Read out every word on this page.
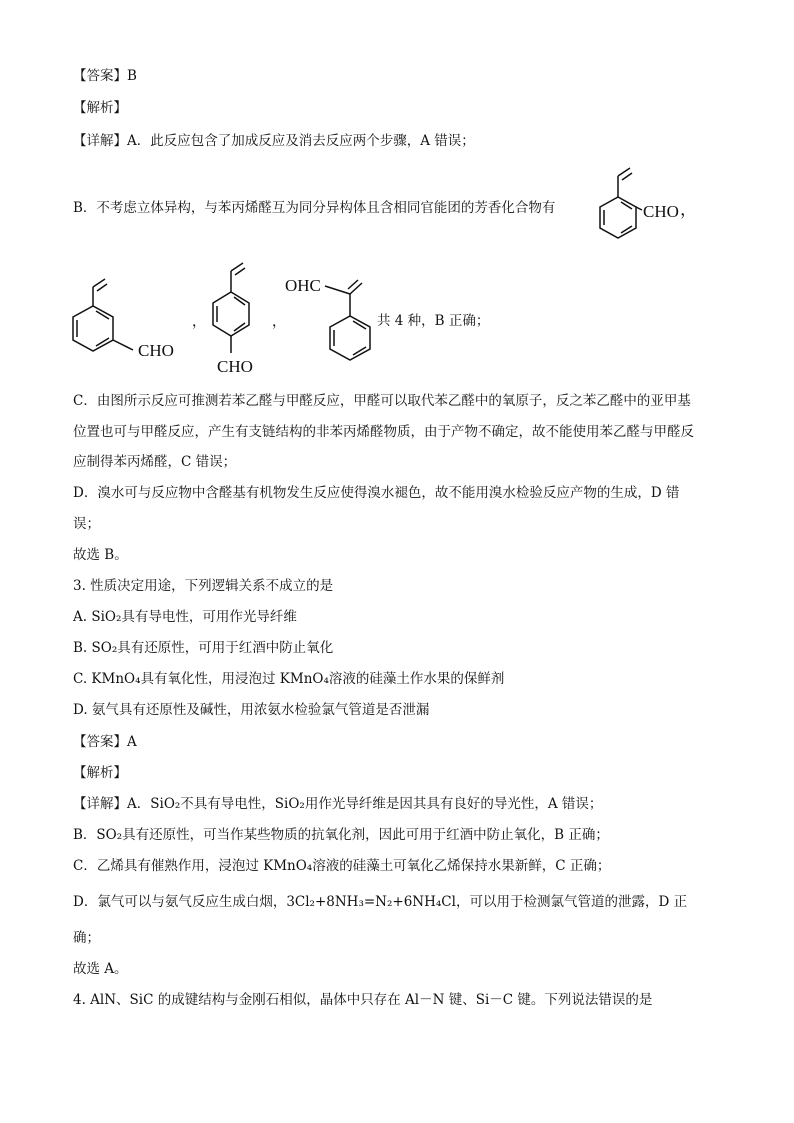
【答案】B
【解析】
【详解】A．此反应包含了加成反应及消去反应两个步骤，A 错误；
B．不考虑立体异构，与苯丙烯醛互为同分异构体且含相同官能团的芳香化合物有	CHO ，
CHO
，
CHO
，
OHC
共 4 种，B 正确；
C．由图所示反应可推测若苯乙醛与甲醛反应，甲醛可以取代苯乙醛中的氧原子，反之苯乙醛中的亚甲基
位置也可与甲醛反应，产生有支链结构的非苯丙烯醛物质，由于产物不确定，故不能使用苯乙醛与甲醛反
应制得苯丙烯醛，C 错误；
D．溴水可与反应物中含醛基有机物发生反应使得溴水褪色，故不能用溴水检验反应产物的生成，D 错
误；
故选 B。
3. 性质决定用途，下列逻辑关系不成立的是
A. SiO₂具有导电性，可用作光导纤维
B. SO₂具有还原性，可用于红酒中防止氧化
C. KMnO₄具有氧化性，用浸泡过 KMnO₄溶液的硅藻土作水果的保鲜剂
D. 氨气具有还原性及碱性，用浓氨水检验氯气管道是否泄漏
【答案】A
【解析】
【详解】A．SiO₂不具有导电性，SiO₂用作光导纤维是因其具有良好的导光性，A 错误；
B．SO₂具有还原性，可当作某些物质的抗氧化剂，因此可用于红酒中防止氧化，B 正确；
C．乙烯具有催熟作用，浸泡过 KMnO₄溶液的硅藻土可氧化乙烯保持水果新鲜，C 正确；
D．氯气可以与氨气反应生成白烟，3Cl₂+8NH₃=N₂+6NH₄Cl，可以用于检测氯气管道的泄露，D 正
确；
故选 A。
4. AlN、SiC 的成键结构与金刚石相似，晶体中只存在 Al－N 键、Si－C 键。下列说法错误的是
